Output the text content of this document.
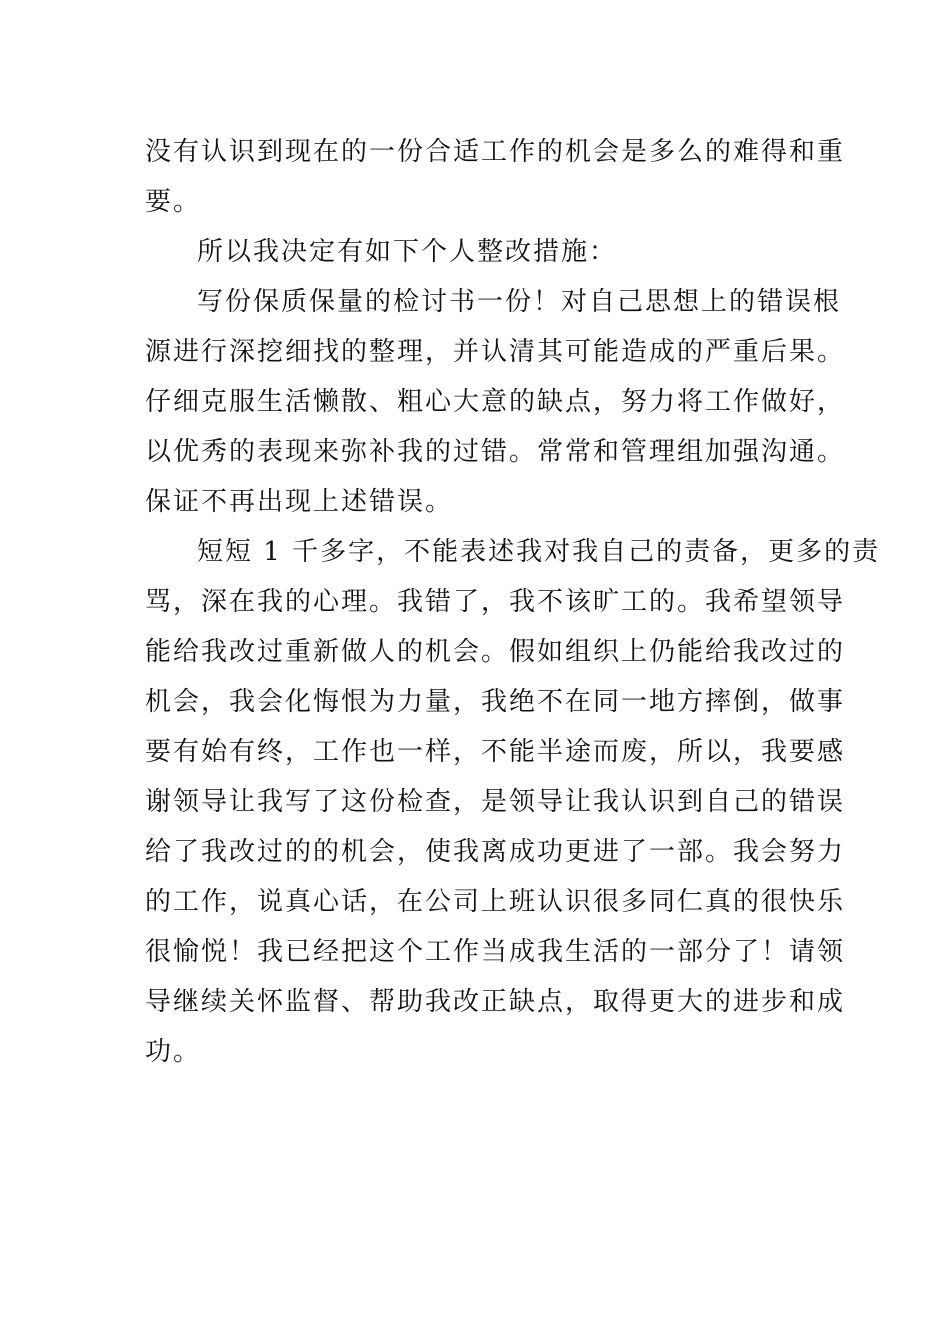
没有认识到现在的一份合适工作的机会是多么的难得和重
要。
所以我决定有如下个人整改措施：
写份保质保量的检讨书一份！对自己思想上的错误根
源进行深挖细找的整理，并认清其可能造成的严重后果。
仔细克服生活懒散、粗心大意的缺点，努力将工作做好，
以优秀的表现来弥补我的过错。常常和管理组加强沟通。
保证不再出现上述错误。
短短 1 千多字，不能表述我对我自己的责备，更多的责
骂，深在我的心理。我错了，我不该旷工的。我希望领导
能给我改过重新做人的机会。假如组织上仍能给我改过的
机会，我会化悔恨为力量，我绝不在同一地方摔倒，做事
要有始有终，工作也一样，不能半途而废，所以，我要感
谢领导让我写了这份检查，是领导让我认识到自己的错误
给了我改过的的机会，使我离成功更进了一部。我会努力
的工作，说真心话，在公司上班认识很多同仁真的很快乐
很愉悦！我已经把这个工作当成我生活的一部分了！请领
导继续关怀监督、帮助我改正缺点，取得更大的进步和成
功。
